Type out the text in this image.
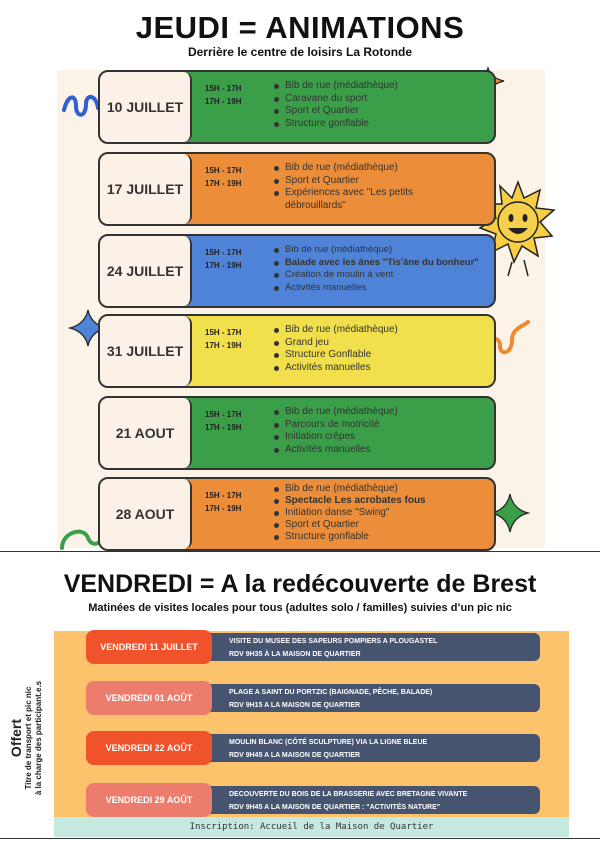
JEUDI = ANIMATIONS
Derrière le centre de loisirs La Rotonde
10 JUILLET
15H - 17H
17H - 19H
Bib de rue (médiathèque)
Caravane du sport
Sport et Quartier
Structure gonflable
17 JUILLET
15H - 17H
17H - 19H
Bib de rue (médiathèque)
Sport et Quartier
Expériences avec "Les petits débrouillards"
24 JUILLET
15H - 17H
17H - 19H
Bib de rue (médiathèque)
Balade avec les ânes "Tis'âne du bonheur"
Création de moulin à vent
Activités manuelles
31 JUILLET
15H - 17H
17H - 19H
Bib de rue (médiathèque)
Grand jeu
Structure Gonflable
Activités manuelles
21 AOUT
15H - 17H
17H - 19H
Bib de rue (médiathèque)
Parcours de motricité
Initiation crêpes
Activités manuelles
28 AOUT
15H - 17H
17H - 19H
Bib de rue (médiathèque)
Spectacle Les acrobates fous
Initiation danse "Swing"
Sport et Quartier
Structure gonflable
VENDREDI = A la redécouverte de Brest
Matinées de visites locales pour tous (adultes solo / familles) suivies d’un pic nic
Offert Titre de transport et pic nic à la charge des participant.e.s
VENDREDI 11 JUILLET
VISITE DU MUSEE DES SAPEURS POMPIERS A PLOUGASTEL
RDV 9H35 À LA MAISON DE QUARTIER
VENDREDI 01 AOÛT
PLAGE A SAINT DU PORTZIC (BAIGNADE, PÊCHE, BALADE)
RDV 9H15 A LA MAISON DE QUARTIER
VENDREDI 22 AOÛT
MOULIN BLANC (CÔTÉ SCULPTURE) VIA LA LIGNE BLEUE
RDV 9H45 A LA MAISON DE QUARTIER
VENDREDI 29 AOÛT
DECOUVERTE DU BOIS DE LA BRASSERIE AVEC BRETAGNE VIVANTE
RDV 9H45 A LA MAISON DE QUARTIER : "ACTIVITÉS NATURE"
Inscription: Accueil de la Maison de Quartier
